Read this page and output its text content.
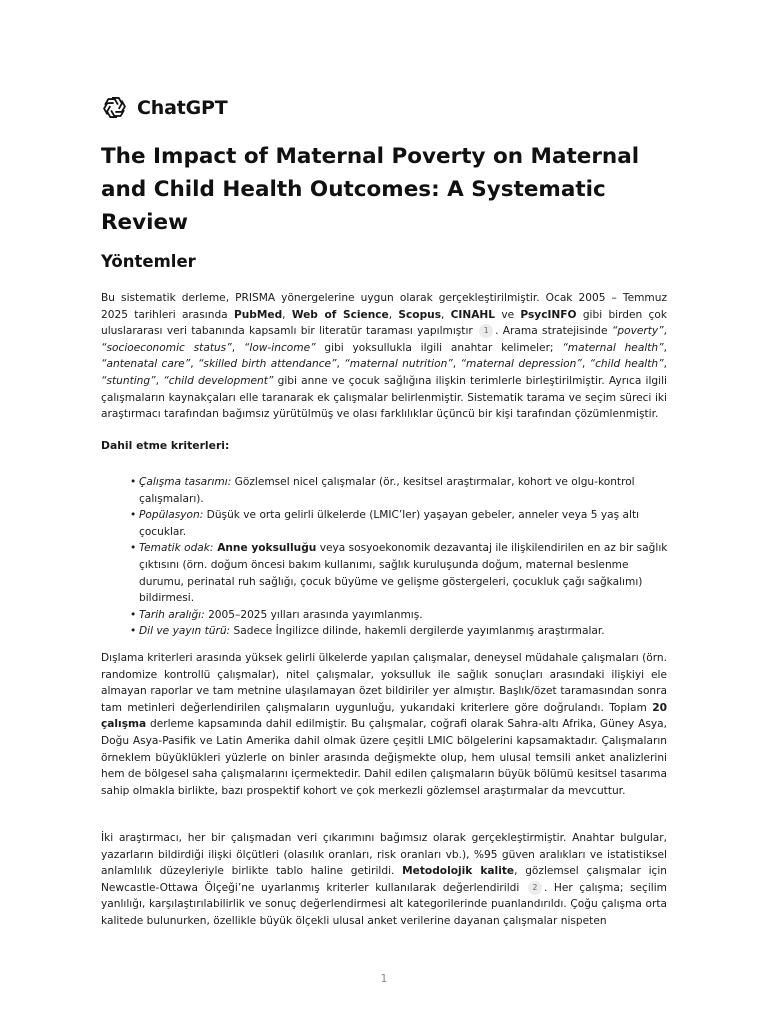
ChatGPT
The Impact of Maternal Poverty on Maternal and Child Health Outcomes: A Systematic Review
Yöntemler

Bu sistematik derleme, PRISMA yönergelerine uygun olarak gerçekleştirilmiştir. Ocak 2005 – Temmuz 2025 tarihleri arasında PubMed, Web of Science, Scopus, CINAHL ve PsycINFO gibi birden çok uluslararası veri tabanında kapsamlı bir literatür taraması yapılmıştır 1 . Arama stratejisinde “poverty”, “socioeconomic status”, “low-income” gibi yoksullukla ilgili anahtar kelimeler; “maternal health”, “antenatal care”, “skilled birth attendance”, “maternal nutrition”, “maternal depression”, “child health”, “stunting”, “child development” gibi anne ve çocuk sağlığına ilişkin terimlerle birleştirilmiştir. Ayrıca ilgili çalışmaların kaynakçaları elle taranarak ek çalışmalar belirlenmiştir. Sistematik tarama ve seçim süreci iki araştırmacı tarafından bağımsız yürütülmüş ve olası farklılıklar üçüncü bir kişi tarafından çözümlenmiştir.

Dahil etme kriterleri:
• Çalışma tasarımı: Gözlemsel nicel çalışmalar (ör., kesitsel araştırmalar, kohort ve olgu-kontrol çalışmaları).
• Popülasyon: Düşük ve orta gelirli ülkelerde (LMIC’ler) yaşayan gebeler, anneler veya 5 yaş altı çocuklar.
• Tematik odak: Anne yoksulluğu veya sosyoekonomik dezavantaj ile ilişkilendirilen en az bir sağlık çıktısını (örn. doğum öncesi bakım kullanımı, sağlık kuruluşunda doğum, maternal beslenme durumu, perinatal ruh sağlığı, çocuk büyüme ve gelişme göstergeleri, çocukluk çağı sağkalımı) bildirmesi.
• Tarih aralığı: 2005–2025 yılları arasında yayımlanmış.
• Dil ve yayın türü: Sadece İngilizce dilinde, hakemli dergilerde yayımlanmış araştırmalar.

Dışlama kriterleri arasında yüksek gelirli ülkelerde yapılan çalışmalar, deneysel müdahale çalışmaları (örn. randomize kontrollü çalışmalar), nitel çalışmalar, yoksulluk ile sağlık sonuçları arasındaki ilişkiyi ele almayan raporlar ve tam metnine ulaşılamayan özet bildiriler yer almıştır. Başlık/özet taramasından sonra tam metinleri değerlendirilen çalışmaların uygunluğu, yukarıdaki kriterlere göre doğrulandı. Toplam 20 çalışma derleme kapsamında dahil edilmiştir. Bu çalışmalar, coğrafi olarak Sahra-altı Afrika, Güney Asya, Doğu Asya-Pasifik ve Latin Amerika dahil olmak üzere çeşitli LMIC bölgelerini kapsamaktadır. Çalışmaların örneklem büyüklükleri yüzlerle on binler arasında değişmekte olup, hem ulusal temsili anket analizlerini hem de bölgesel saha çalışmalarını içermektedir. Dahil edilen çalışmaların büyük bölümü kesitsel tasarıma sahip olmakla birlikte, bazı prospektif kohort ve çok merkezli gözlemsel araştırmalar da mevcuttur.

İki araştırmacı, her bir çalışmadan veri çıkarımını bağımsız olarak gerçekleştirmiştir. Anahtar bulgular, yazarların bildirdiği ilişki ölçütleri (olasılık oranları, risk oranları vb.), %95 güven aralıkları ve istatistiksel anlamlılık düzeyleriyle birlikte tablo haline getirildi. Metodolojik kalite, gözlemsel çalışmalar için Newcastle-Ottawa Ölçeği’ne uyarlanmış kriterler kullanılarak değerlendirildi 2 . Her çalışma; seçilim yanlılığı, karşılaştırılabilirlik ve sonuç değerlendirmesi alt kategorilerinde puanlandırıldı. Çoğu çalışma orta kalitede bulunurken, özellikle büyük ölçekli ulusal anket verilerine dayanan çalışmalar nispeten

1
